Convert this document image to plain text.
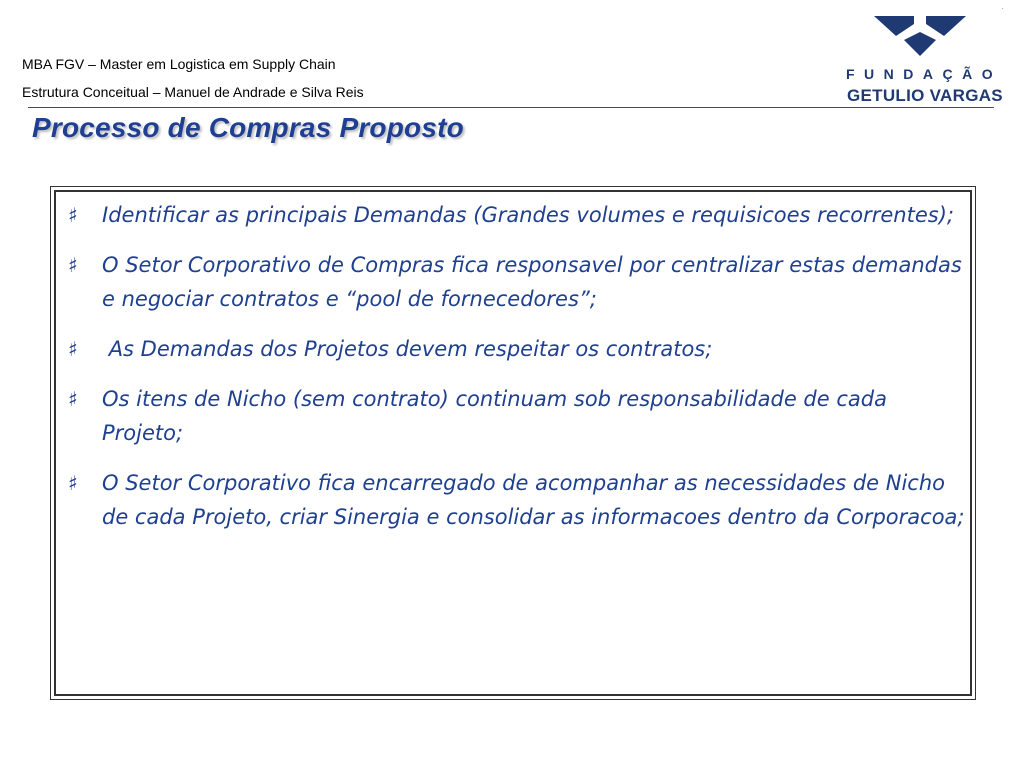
MBA FGV – Master em Logistica em Supply Chain
Estrutura Conceitual – Manuel de Andrade e Silva Reis
FUNDAÇÃO
GETULIO VARGAS
·
Processo de Compras Proposto
♯ Identificar as principais Demandas (Grandes volumes e requisicoes recorrentes);
♯ O Setor Corporativo de Compras fica responsavel por centralizar estas demandas e negociar contratos e “pool de fornecedores”;
♯ As Demandas dos Projetos devem respeitar os contratos;
♯ Os itens de Nicho (sem contrato) continuam sob responsabilidade de cada Projeto;
♯ O Setor Corporativo fica encarregado de acompanhar as necessidades de Nicho de cada Projeto, criar Sinergia e consolidar as informacoes dentro da Corporacoa;
